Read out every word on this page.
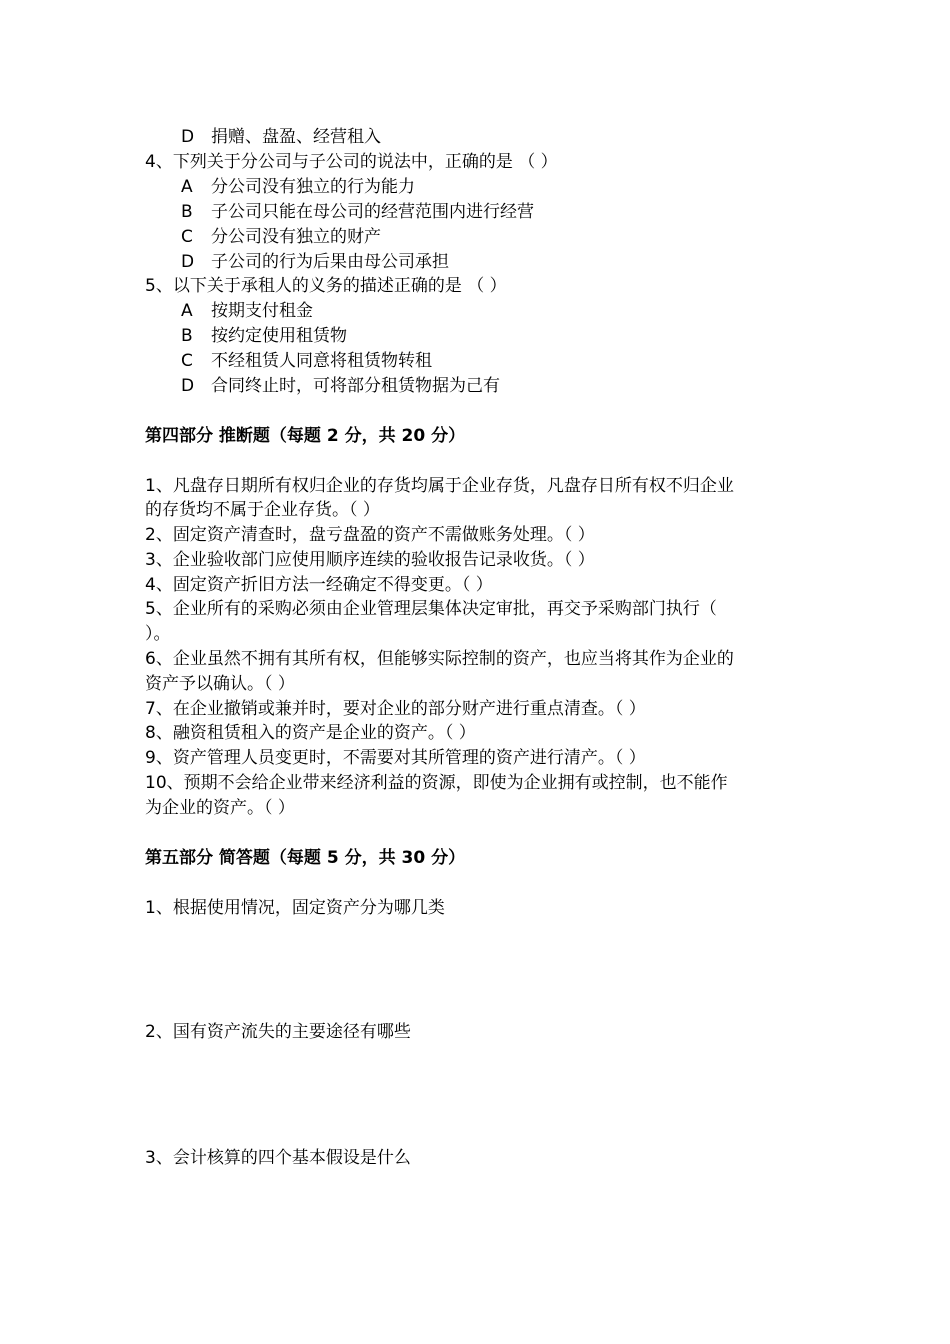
D 捐赠、盘盈、经营租入
4、下列关于分公司与子公司的说法中，正确的是 （ ）
A 分公司没有独立的行为能力
B 子公司只能在母公司的经营范围内进行经营
C 分公司没有独立的财产
D 子公司的行为后果由母公司承担
5、以下关于承租人的义务的描述正确的是 （ ）
A 按期支付租金
B 按约定使用租赁物
C 不经租赁人同意将租赁物转租
D 合同终止时，可将部分租赁物据为己有
第四部分 推断题（每题 2 分，共 20 分）
1、凡盘存日期所有权归企业的存货均属于企业存货，凡盘存日所有权不归企业
的存货均不属于企业存货。（ ）
2、固定资产清查时，盘亏盘盈的资产不需做账务处理。（ ）
3、企业验收部门应使用顺序连续的验收报告记录收货。（ ）
4、固定资产折旧方法一经确定不得变更。（ ）
5、企业所有的采购必须由企业管理层集体决定审批，再交予采购部门执行（
）。
6、企业虽然不拥有其所有权，但能够实际控制的资产，也应当将其作为企业的
资产予以确认。（ ）
7、在企业撤销或兼并时，要对企业的部分财产进行重点清查。（ ）
8、融资租赁租入的资产是企业的资产。（ ）
9、资产管理人员变更时，不需要对其所管理的资产进行清产。（ ）
10、预期不会给企业带来经济利益的资源，即使为企业拥有或控制，也不能作
为企业的资产。（ ）
第五部分 简答题（每题 5 分，共 30 分）
1、根据使用情况，固定资产分为哪几类
2、国有资产流失的主要途径有哪些
3、会计核算的四个基本假设是什么
